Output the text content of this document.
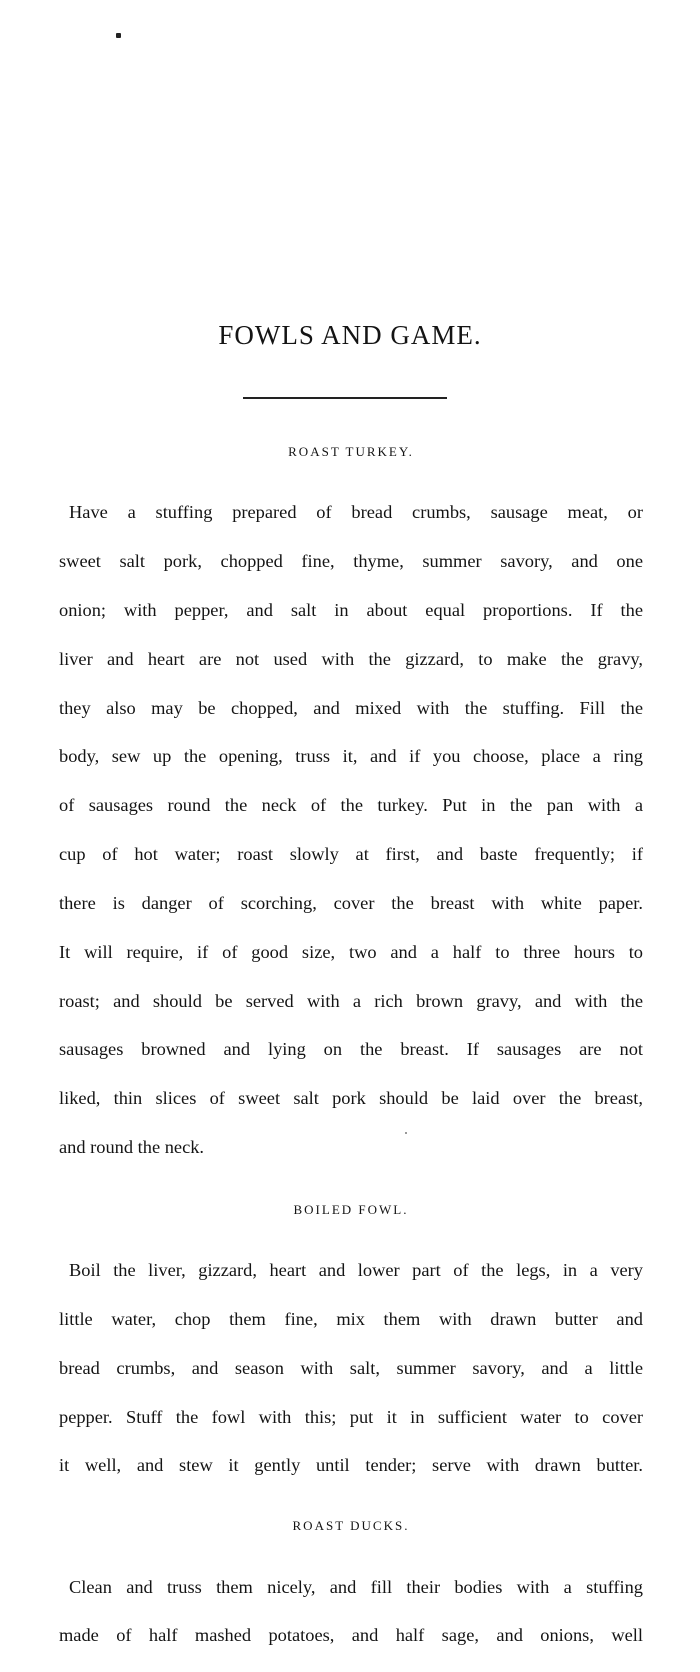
FOWLS AND GAME.
ROAST TURKEY.

Have a stuffing prepared of bread crumbs, sausage meat, or

sweet salt pork, chopped fine, thyme, summer savory, and one

onion; with pepper, and salt in about equal proportions. If the

liver and heart are not used with the gizzard, to make the gravy,

they also may be chopped, and mixed with the stuffing. Fill the

body, sew up the opening, truss it, and if you choose, place a ring

of sausages round the neck of the turkey. Put in the pan with a

cup of hot water; roast slowly at first, and baste frequently; if

there is danger of scorching, cover the breast with white paper.

It will require, if of good size, two and a half to three hours to

roast; and should be served with a rich brown gravy, and with the

sausages browned and lying on the breast. If sausages are not

liked, thin slices of sweet salt pork should be laid over the breast,

and round the neck.

BOILED FOWL.

Boil the liver, gizzard, heart and lower part of the legs, in a very

little water, chop them fine, mix them with drawn butter and

bread crumbs, and season with salt, summer savory, and a little

pepper. Stuff the fowl with this; put it in sufficient water to cover

it well, and stew it gently until tender; serve with drawn butter.

ROAST DUCKS.

Clean and truss them nicely, and fill their bodies with a stuffing

made of half mashed potatoes, and half sage, and onions, well
